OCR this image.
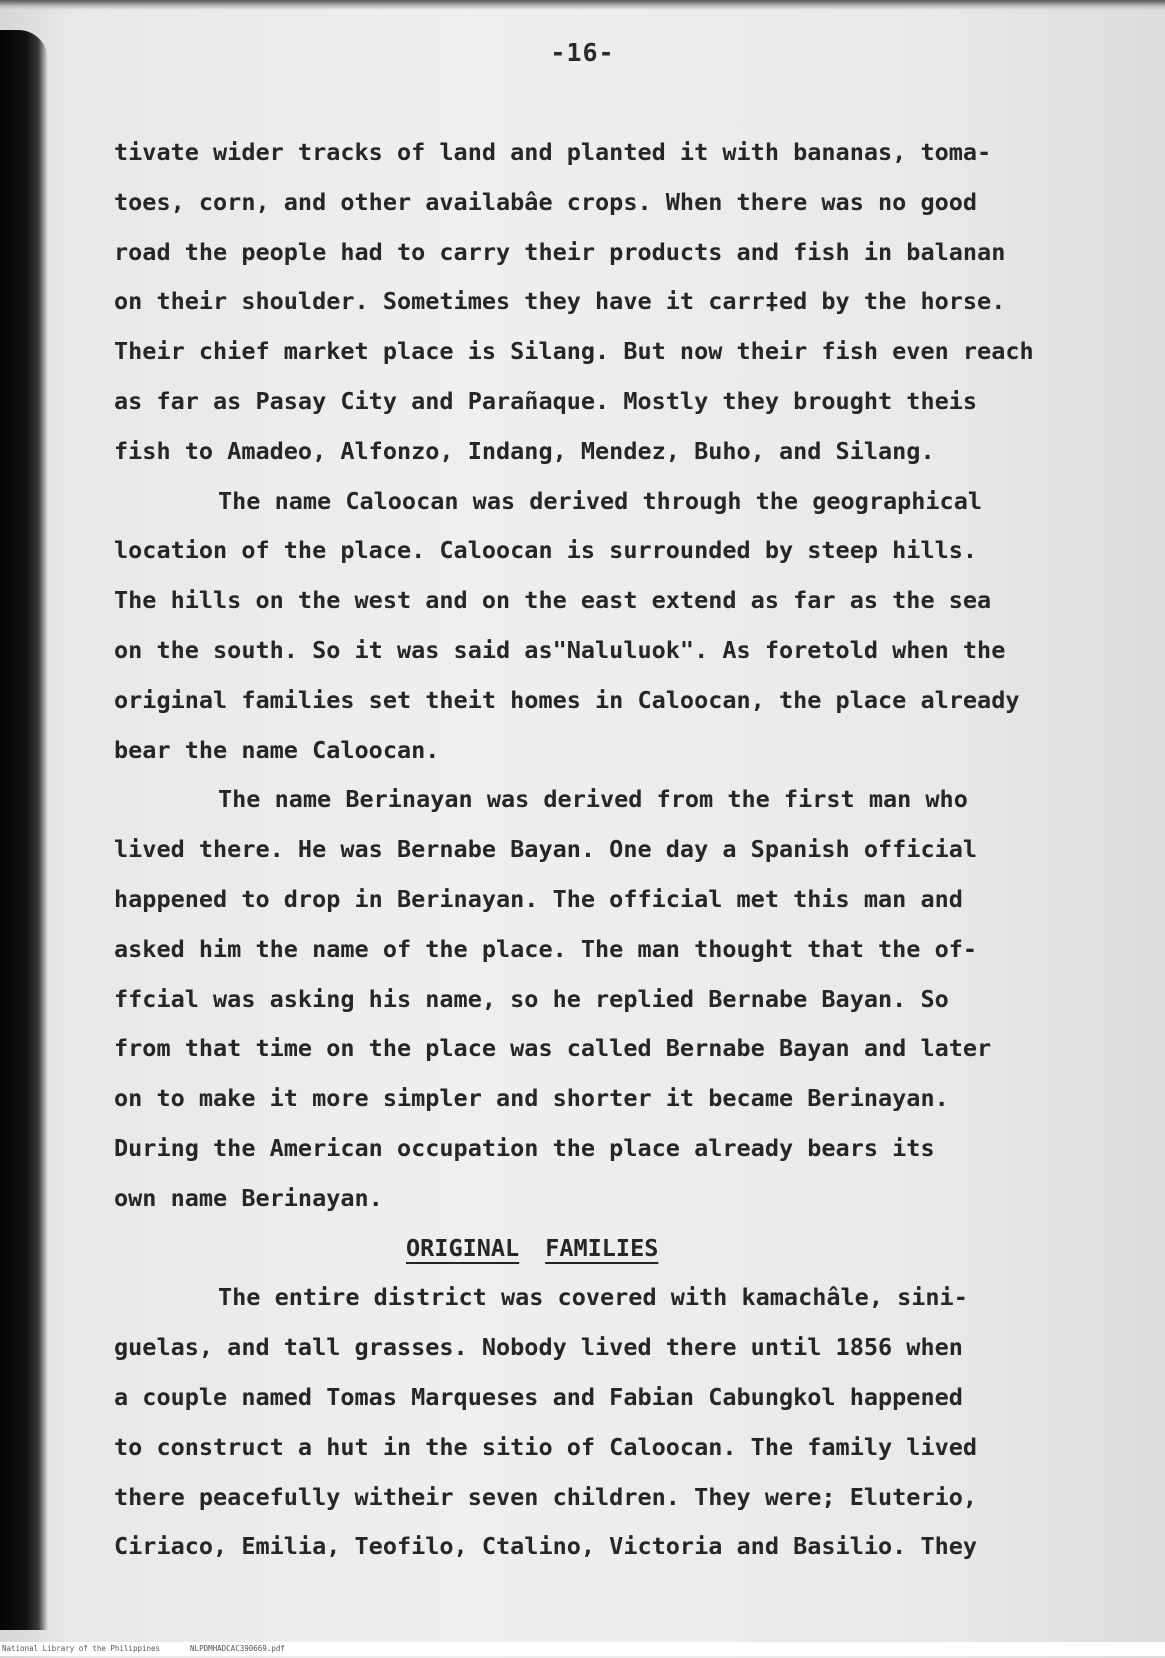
-16-
tivate wider tracks of land and planted it with bananas, toma-
toes, corn, and other availabâe crops. When there was no good
road the people had to carry their products and fish in balanan
on their shoulder. Sometimes they have it carr‡ed by the horse.
Their chief market place is Silang. But now their fish even reach
as far as Pasay City and Parañaque. Mostly they brought theis
fish to Amadeo, Alfonzo, Indang, Mendez, Buho, and Silang.
The name Caloocan was derived through the geographical
location of the place. Caloocan is surrounded by steep hills.
The hills on the west and on the east extend as far as the sea
on the south. So it was said as"Naluluok". As foretold when the
original families set theit homes in Caloocan, the place already
bear the name Caloocan.
The name Berinayan was derived from the first man who
lived there. He was Bernabe Bayan. One day a Spanish official
happened to drop in Berinayan. The official met this man and
asked him the name of the place. The man thought that the of-
ffcial was asking his name, so he replied Bernabe Bayan. So
from that time on the place was called Bernabe Bayan and later
on to make it more simpler and shorter it became Berinayan.
During the American occupation the place already bears its
own name Berinayan.
ORIGINAL FAMILIES
The entire district was covered with kamachâle, sini-
guelas, and tall grasses. Nobody lived there until 1856 when
a couple named Tomas Marqueses and Fabian Cabungkol happened
to construct a hut in the sitio of Caloocan. The family lived
there peacefully witheir seven children. They were; Eluterio,
Ciriaco, Emilia, Teofilo, Ctalino, Victoria and Basilio. They
National Library of the Philippines	NLPDMHADCAC390669.pdf
